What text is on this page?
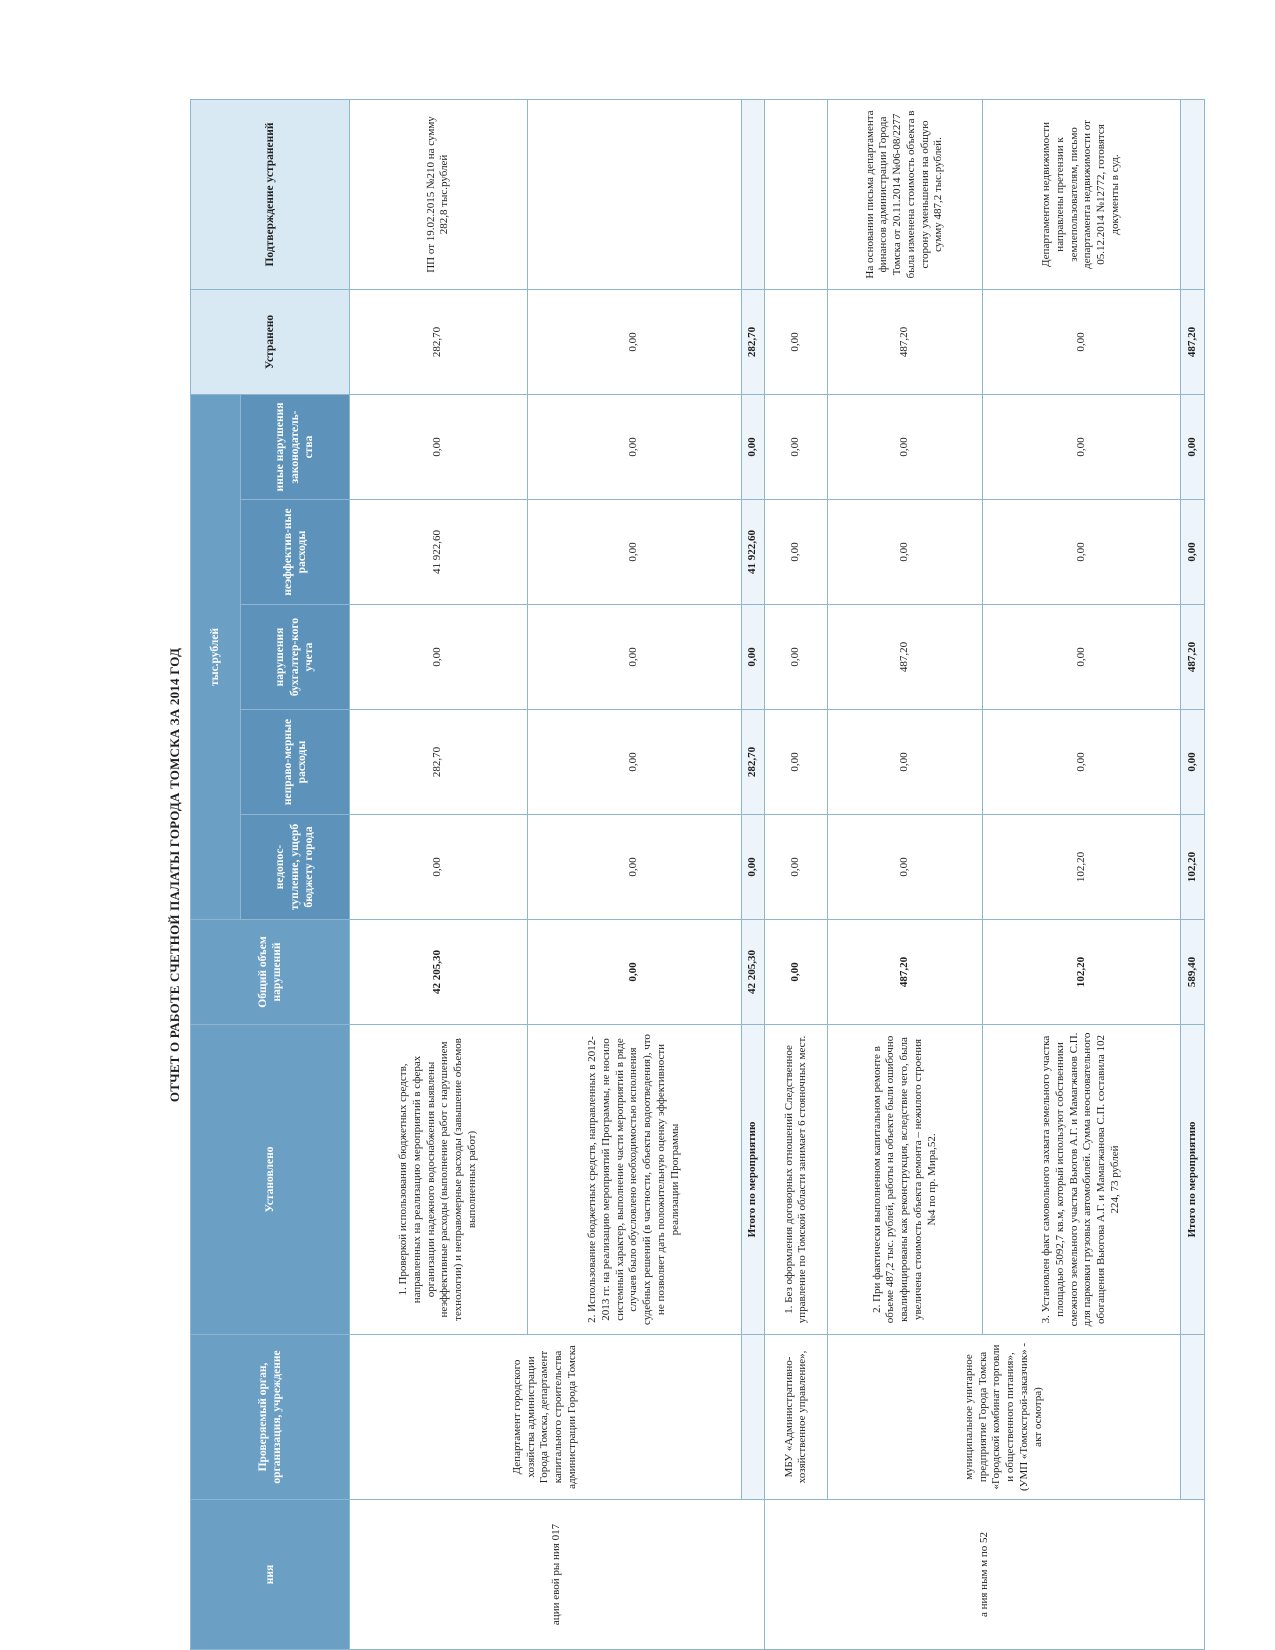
ОТЧЕТ О РАБОТЕ СЧЕТНОЙ ПАЛАТЫ ГОРОДА ТОМСКА ЗА 2014 ГОД
ния	Проверяемый орган, организация, учреждение	Установлено	Общий объем нарушений	тыс.рублей					Устранено	Подтверждение устранений
				недопос-тупление, ущерб бюджету города	неправо-мерные расходы	нарушения бухгалтер-кого учета	неэффектив-ные расходы	иные нарушения законодатель-ства		
ации евой ры ния 017	Департамент городского хозяйства администрации Города Томска, департамент капитального строительства администрации Города Томска	1. Проверкой использования бюджетных средств, направленных на реализацию мероприятий в сферах организации надежного водоснабжения выявлены неэффективные расходы (выполнение работ с нарушением технологии) и неправомерные расходы (завышение объемов выполненных работ)	42 205,30	0,00	282,70	0,00	41 922,60	0,00	282,70	ПП от 19.02.2015 №210 на сумму 282,8 тыс.рублей
		2. Использование бюджетных средств, направленных в 2012-2013 гг. на реализацию мероприятий Программы, не носило системный характер, выполнение части мероприятий в ряде случаев было обусловлено необходимостью исполнения судебных решений (в частности, объекты водоотведения), что не позволяет дать положительную оценку эффективности реализации Программы	0,00	0,00	0,00	0,00	0,00	0,00	0,00	
		Итого по мероприятию	42 205,30	0,00	282,70	0,00	41 922,60	0,00	282,70	
а ния ным м по 52	МБУ «Административно-хозяйственное управление»,	1. Без оформления договорных отношений Следственное управление по Томской области занимает 6 стояночных мест.	0,00	0,00	0,00	0,00	0,00	0,00	0,00	
	муниципальное унитарное предприятие Города Томска «Городской комбинат торговли и общественного питания», (УМП «Томскстрой-заказчик» - акт осмотра)	2. При фактически выполненном капитальном ремонте в объеме 487,2 тыс. рублей, работы на объекте были ошибочно квалифицированы как реконструкция, вследствие чего, была увеличена стоимость объекта ремонта – нежилого строения №4 по пр. Мира,52.	487,20	0,00	0,00	487,20	0,00	0,00	487,20	На основании письма департамента финансов администрации Города Томска от 20.11.2014 №06-08/2277 была изменена стоимость объекта в сторону уменьшения на общую сумму 487,2 тыс.рублей.
		3. Установлен факт самовольного захвата земельного участка площадью 5092,7 кв.м, который используют собственники смежного земельного участка Вьюгов А.Г. и Мамагжанов С.П. для парковки грузовых автомобилей. Сумма неосновательного обогащения Вьюгова А.Г. и Мамагжанова С.П. составила 102 224, 73 рублей	102,20	102,20	0,00	0,00	0,00	0,00	0,00	Департаментом недвижимости направлены претензии к землепользователям, письмо департамента недвижимости от 05.12.2014 №12772, готовятся документы в суд.
		Итого по мероприятию	589,40	102,20	0,00	487,20	0,00	0,00	487,20	
